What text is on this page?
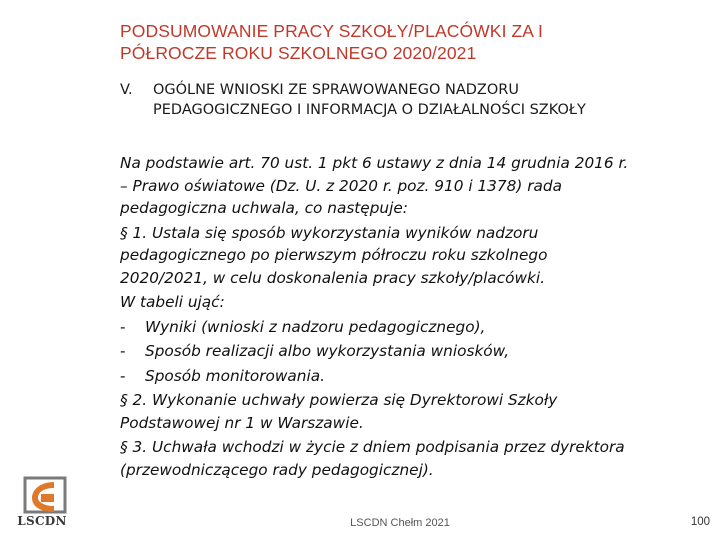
PODSUMOWANIE PRACY SZKOŁY/PLACÓWKI ZA I
PÓŁROCZE ROKU SZKOLNEGO 2020/2021
V.	OGÓLNE WNIOSKI ZE SPRAWOWANEGO NADZORU
PEDAGOGICZNEGO I INFORMACJA O DZIAŁALNOŚCI SZKOŁY
Na podstawie art. 70 ust. 1 pkt 6 ustawy z dnia 14 grudnia 2016 r.
– Prawo oświatowe (Dz. U. z 2020 r. poz. 910 i 1378) rada
pedagogiczna uchwala, co następuje:
§ 1. Ustala się sposób wykorzystania wyników nadzoru
pedagogicznego po pierwszym półroczu roku szkolnego
2020/2021, w celu doskonalenia pracy szkoły/placówki.
W tabeli ująć:
-	Wyniki (wnioski z nadzoru pedagogicznego),
-	Sposób realizacji albo wykorzystania wniosków,
-	Sposób monitorowania.
§ 2. Wykonanie uchwały powierza się Dyrektorowi Szkoły
Podstawowej nr 1 w Warszawie.
§ 3. Uchwała wchodzi w życie z dniem podpisania przez dyrektora
(przewodniczącego rady pedagogicznej).
LSCDN	LSCDN Chełm 2021	100
